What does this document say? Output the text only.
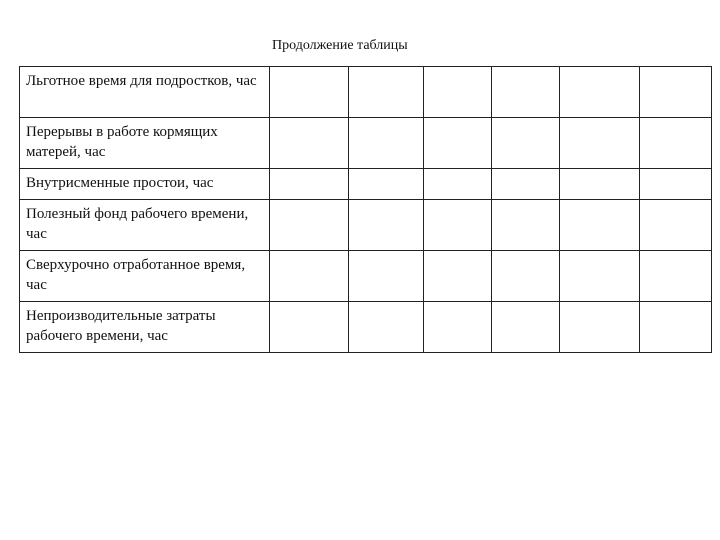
Продолжение таблицы
Льготное время для подростков, час						
Перерывы в работе кормящих матерей, час						
Внутрисменные простои, час						
Полезный фонд рабочего времени, час						
Сверхурочно отработанное время, час						
Непроизводительные затраты рабочего времени, час						
